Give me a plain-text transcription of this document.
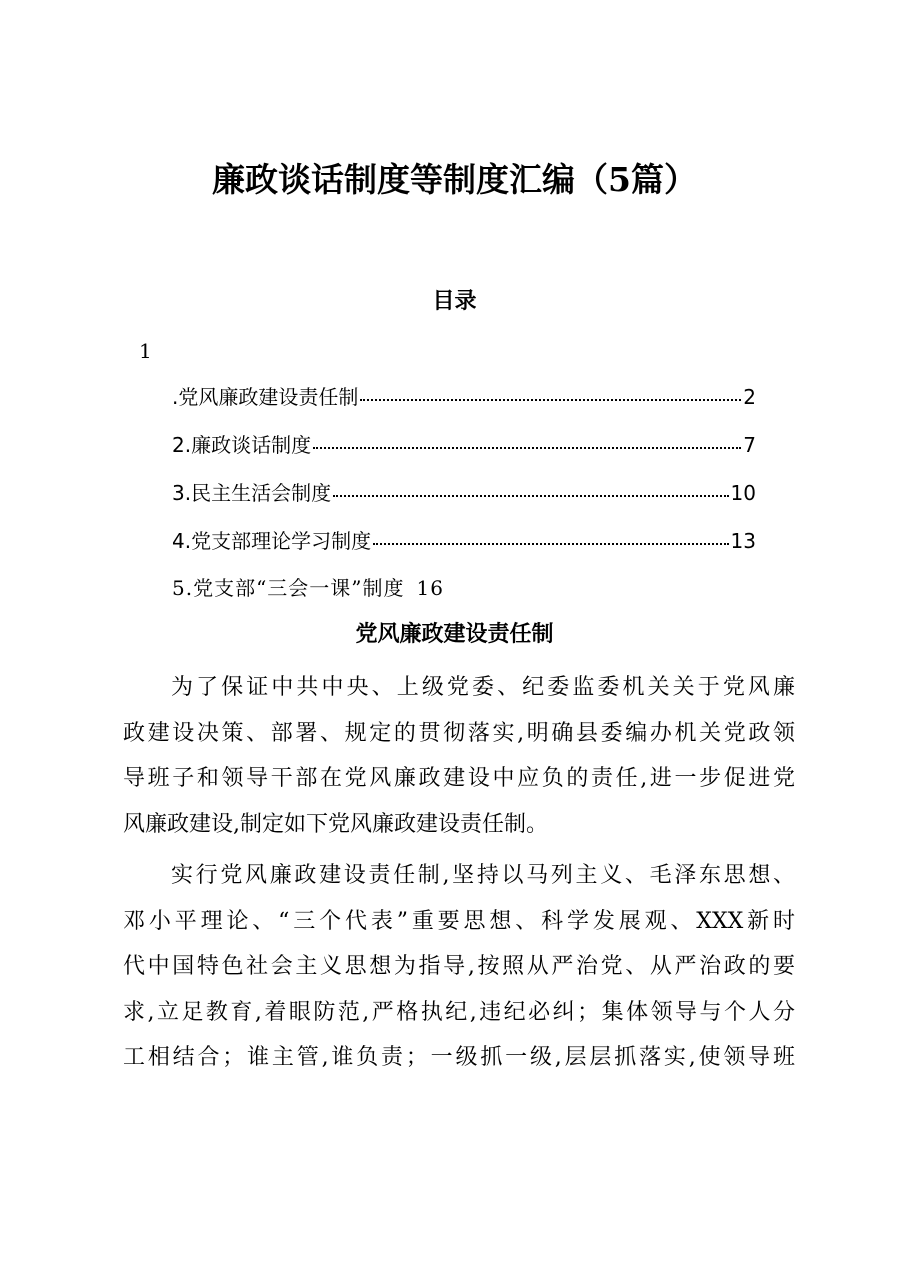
廉政谈话制度等制度汇编（5篇）
目录
1
.党风廉政建设责任制	2
2.廉政谈话制度	7
3.民主生活会制度	10
4.党支部理论学习制度	13
5.党支部“三会一课”制度 16
党风廉政建设责任制
为了保证中共中央、上级党委、纪委监委机关关于党风廉
政建设决策、部署、规定的贯彻落实,明确县委编办机关党政领
导班子和领导干部在党风廉政建设中应负的责任,进一步促进党
风廉政建设,制定如下党风廉政建设责任制。
实行党风廉政建设责任制,坚持以马列主义、毛泽东思想、
邓小平理论、“三个代表”重要思想、科学发展观、XXX新时
代中国特色社会主义思想为指导,按照从严治党、从严治政的要
求,立足教育,着眼防范,严格执纪,违纪必纠；集体领导与个人分
工相结合；谁主管,谁负责；一级抓一级,层层抓落实,使领导班
